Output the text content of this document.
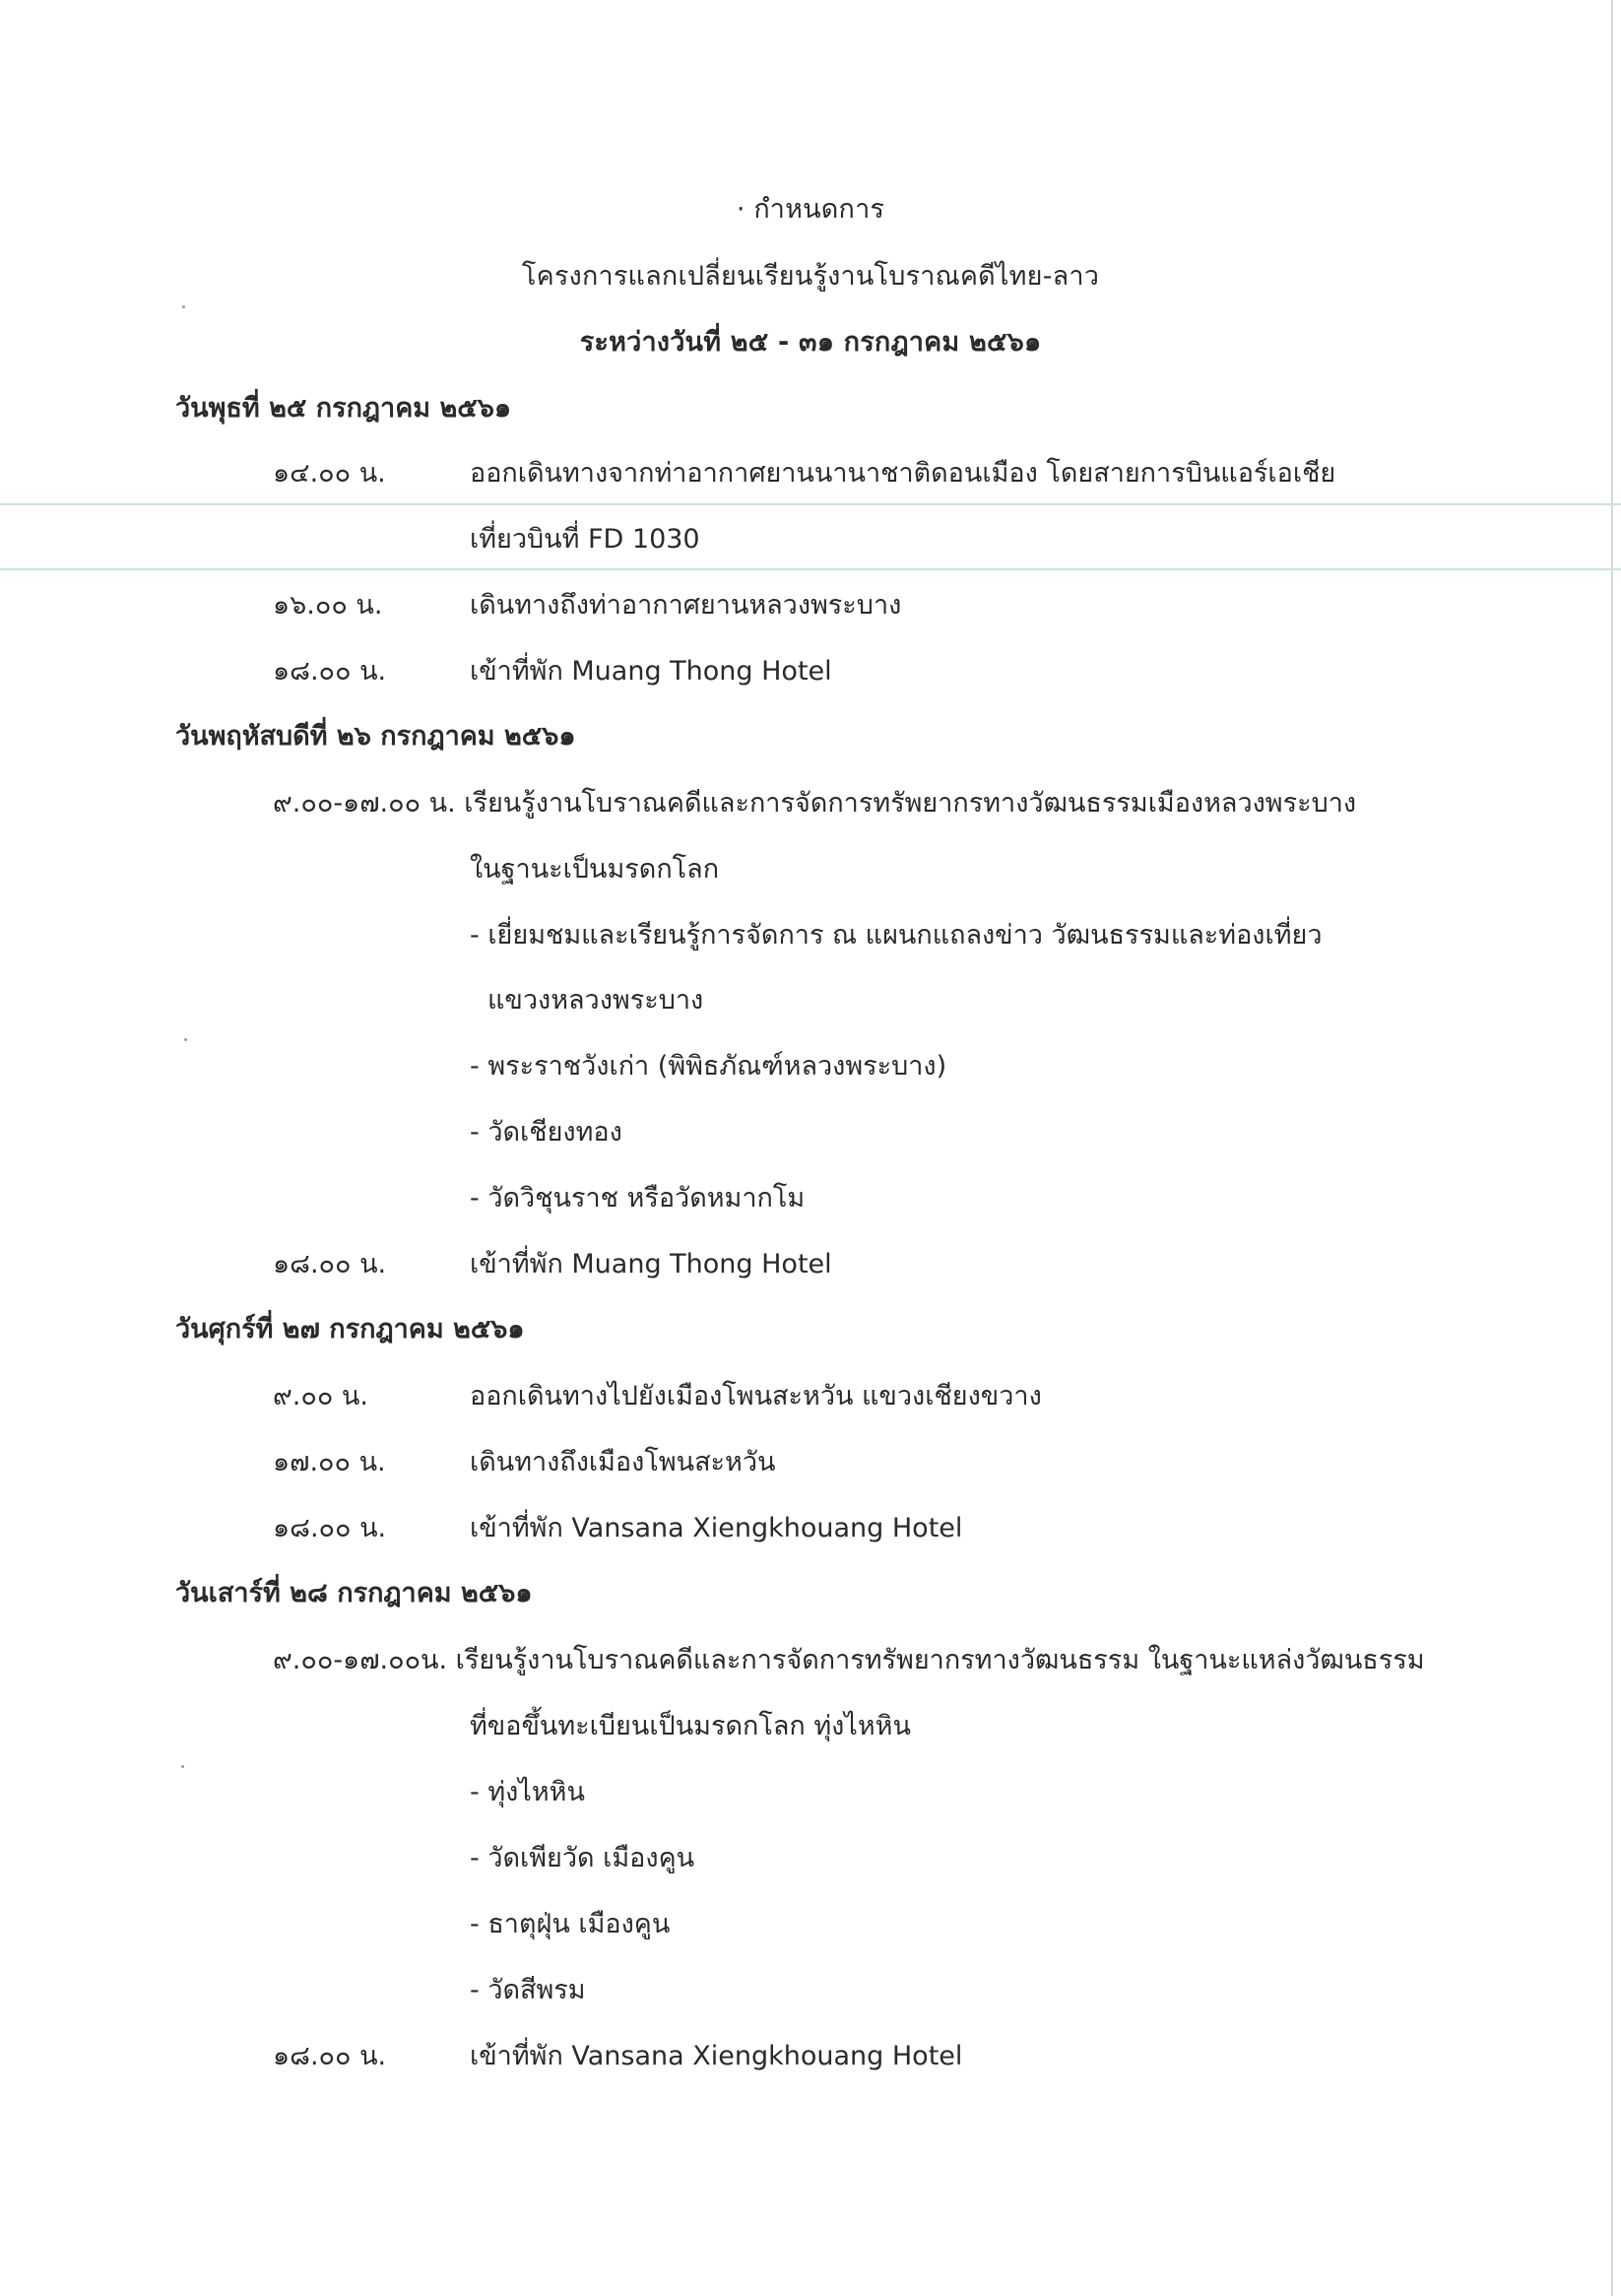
· กำหนดการ
โครงการแลกเปลี่ยนเรียนรู้งานโบราณคดีไทย-ลาว
ระหว่างวันที่ ๒๕ - ๓๑ กรกฎาคม ๒๕๖๑
วันพุธที่ ๒๕ กรกฎาคม ๒๕๖๑
๑๔.๐๐ น.	ออกเดินทางจากท่าอากาศยานนานาชาติดอนเมือง โดยสายการบินแอร์เอเชีย
เที่ยวบินที่ FD 1030
๑๖.๐๐ น.	เดินทางถึงท่าอากาศยานหลวงพระบาง
๑๘.๐๐ น.	เข้าที่พัก Muang Thong Hotel
วันพฤหัสบดีที่ ๒๖ กรกฎาคม ๒๕๖๑
๙.๐๐-๑๗.๐๐ น. เรียนรู้งานโบราณคดีและการจัดการทรัพยากรทางวัฒนธรรมเมืองหลวงพระบาง
ในฐานะเป็นมรดกโลก
- เยี่ยมชมและเรียนรู้การจัดการ ณ แผนกแถลงข่าว วัฒนธรรมและท่องเที่ยว
แขวงหลวงพระบาง
- พระราชวังเก่า (พิพิธภัณฑ์หลวงพระบาง)
- วัดเชียงทอง
- วัดวิชุนราช หรือวัดหมากโม
๑๘.๐๐ น.	เข้าที่พัก Muang Thong Hotel
วันศุกร์ที่ ๒๗ กรกฎาคม ๒๕๖๑
๙.๐๐ น.	ออกเดินทางไปยังเมืองโพนสะหวัน แขวงเชียงขวาง
๑๗.๐๐ น.	เดินทางถึงเมืองโพนสะหวัน
๑๘.๐๐ น.	เข้าที่พัก Vansana Xiengkhouang Hotel
วันเสาร์ที่ ๒๘ กรกฎาคม ๒๕๖๑
๙.๐๐-๑๗.๐๐น. เรียนรู้งานโบราณคดีและการจัดการทรัพยากรทางวัฒนธรรม ในฐานะแหล่งวัฒนธรรม
ที่ขอขึ้นทะเบียนเป็นมรดกโลก ทุ่งไหหิน
- ทุ่งไหหิน
- วัดเพียวัด เมืองคูน
- ธาตุฝุ่น เมืองคูน
- วัดสีพรม
๑๘.๐๐ น.	เข้าที่พัก Vansana Xiengkhouang Hotel
